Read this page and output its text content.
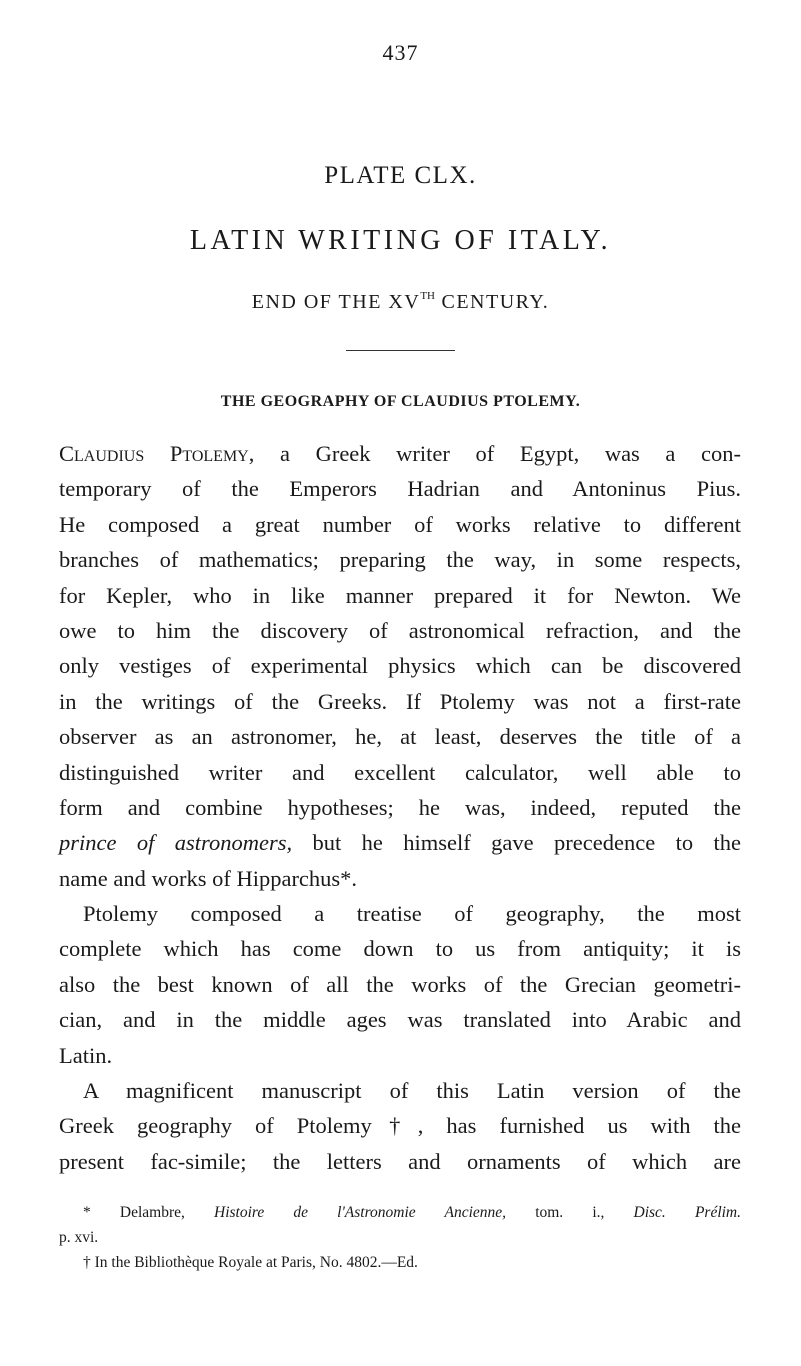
437
PLATE CLX.
LATIN WRITING OF ITALY.
END OF THE XVTH CENTURY.
THE GEOGRAPHY OF CLAUDIUS PTOLEMY.

Claudius Ptolemy, a Greek writer of Egypt, was a con-
temporary of the Emperors Hadrian and Antoninus Pius.
He composed a great number of works relative to different
branches of mathematics; preparing the way, in some respects,
for Kepler, who in like manner prepared it for Newton. We
owe to him the discovery of astronomical refraction, and the
only vestiges of experimental physics which can be discovered
in the writings of the Greeks. If Ptolemy was not a first-rate
observer as an astronomer, he, at least, deserves the title of a
distinguished writer and excellent calculator, well able to
form and combine hypotheses; he was, indeed, reputed the
prince of astronomers, but he himself gave precedence to the
name and works of Hipparchus*.

Ptolemy composed a treatise of geography, the most
complete which has come down to us from antiquity; it is
also the best known of all the works of the Grecian geometri-
cian, and in the middle ages was translated into Arabic and
Latin.

A magnificent manuscript of this Latin version of the
Greek geography of Ptolemy†, has furnished us with the
present fac-simile; the letters and ornaments of which are

* Delambre, Histoire de l'Astronomie Ancienne, tom. i., Disc. Prélim.
p. xvi.
† In the Bibliothèque Royale at Paris, No. 4802.—Ed.
